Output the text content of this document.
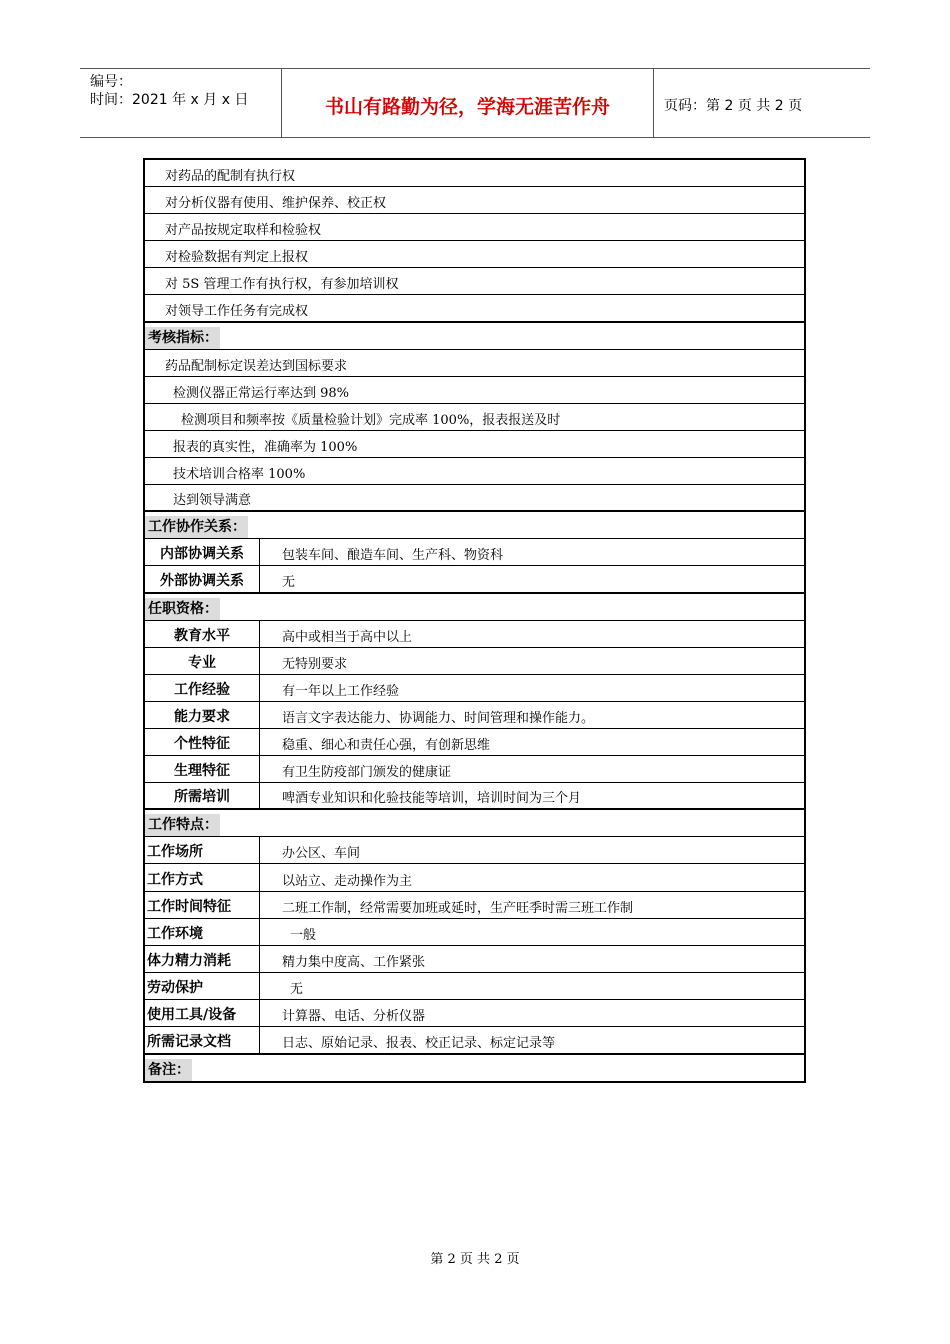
编号：
时间：2021 年 x 月 x 日	书山有路勤为径，学海无涯苦作舟	页码：第 2 页 共 2 页
对药品的配制有执行权
对分析仪器有使用、维护保养、校正权
对产品按规定取样和检验权
对检验数据有判定上报权
对 5S 管理工作有执行权，有参加培训权
对领导工作任务有完成权
考核指标：
药品配制标定误差达到国标要求
检测仪器正常运行率达到 98%
检测项目和频率按《质量检验计划》完成率 100%，报表报送及时
报表的真实性，准确率为 100%
技术培训合格率 100%
达到领导满意
工作协作关系：
内部协调关系	包装车间、酿造车间、生产科、物资科
外部协调关系	无
任职资格：
教育水平	高中或相当于高中以上
专业	无特别要求
工作经验	有一年以上工作经验
能力要求	语言文字表达能力、协调能力、时间管理和操作能力。
个性特征	稳重、细心和责任心强，有创新思维
生理特征	有卫生防疫部门颁发的健康证
所需培训	啤酒专业知识和化验技能等培训，培训时间为三个月
工作特点：
工作场所	办公区、车间
工作方式	以站立、走动操作为主
工作时间特征	二班工作制，经常需要加班或延时，生产旺季时需三班工作制
工作环境	一般
体力精力消耗	精力集中度高、工作紧张
劳动保护	无
使用工具/设备	计算器、电话、分析仪器
所需记录文档	日志、原始记录、报表、校正记录、标定记录等
备注：
第 2 页 共 2 页
